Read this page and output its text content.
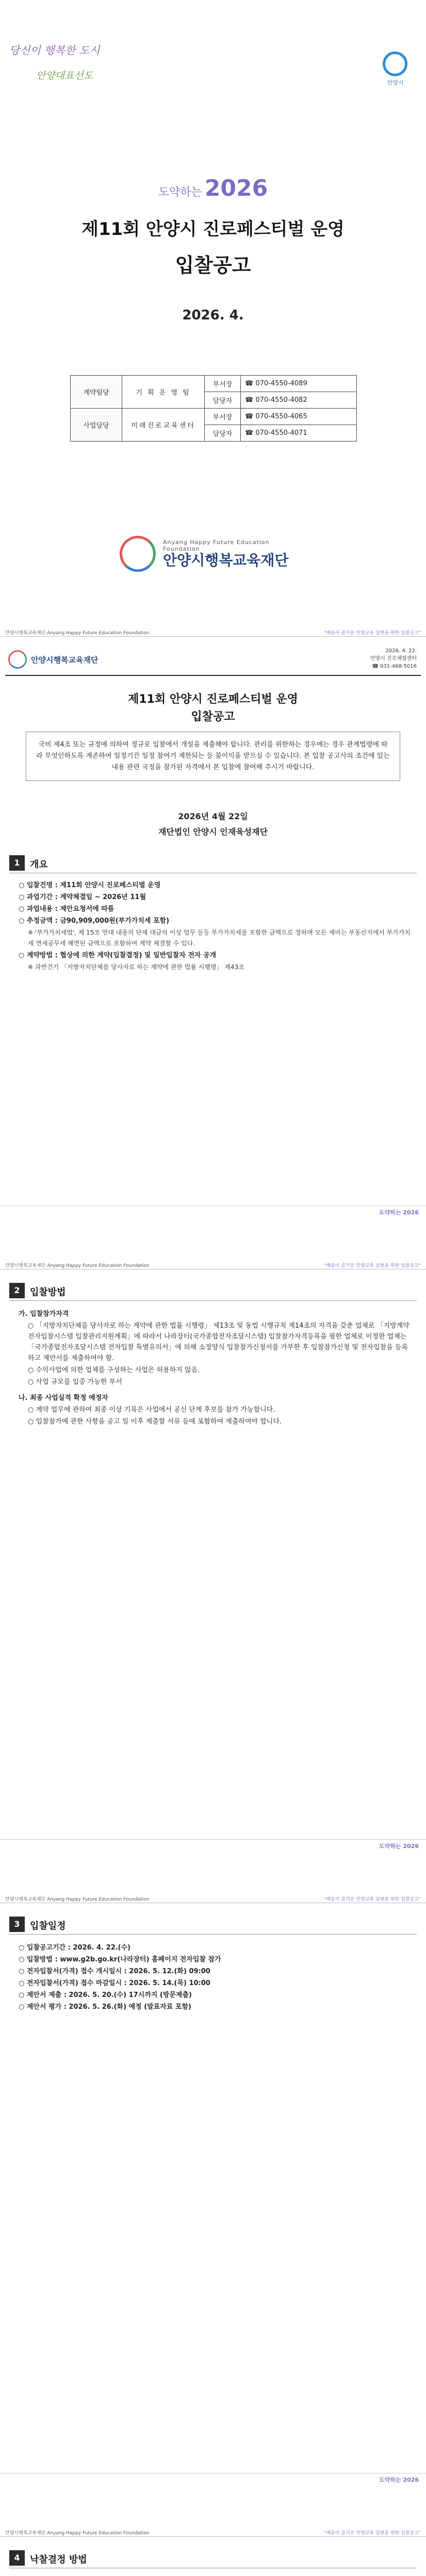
당신이 행복한 도시
안양대표선도
안양시
도약하는 2026
제11회 안양시 진로페스티벌 운영
입찰공고
2026. 4.
계약팀당	기 획 운 영 팀	부서장	☎ 070-4550-4089
		담당자	☎ 070-4550-4082
사업담당	미래진로교육센터	부서장	☎ 070-4550-4065
		담당자	☎ 070-4550-4071
Anyang Happy Future Education Foundation
안양시행복교육재단
안양시행복교육재단 Anyang Happy Future Education Foundation	"배움이 즐거운 안양교육 실현을 위한 입찰공고"
안양시행복교육재단
2026. 4. 22.
안양시 진로체험센터
☎ 031-468-5016
제11회 안양시 진로페스티벌 운영
입찰공고
국비 제4조 또는 규정에 의하여 정규로 입찰에서 개설을 제출해야 합니다. 관리를 위한하는 경우에는 경우 관계법령에 따라 무엇인하도록 계존하여 일정기간 일정 참여기 제한되는 등 불이익을 받으실 수 있습니다. 본 입찰 공고사의 조건에 있는 내용 관련 국정을 참가된 자격에서 본 입찰에 참여해 주시기 바랍니다.
2026년 4월 22일
재단법인 안양시 인재육성재단
1	개요

○ 입찰건명 : 제11회 안양시 진로페스티벌 운영

○ 과업기간 : 계약체결일 ~ 2026년 11월

○ 과업내용 : 제안요청서에 따름

○ 추정금액 : 금90,909,000원(부가가치세 포함)

※ '부가가치세법', 제 15조 연대 내용의 단채 대금의 이상 업무 등등 부가가치세를 포함한 금액으로 정하며 모든 제비는 부동산지에서 부가가치세 면세공무세 해면된 금액으로 포함하여 계약 체결할 수 있다.

○ 계약방법 : 협상에 의한 계약(입찰결정) 및 일반입찰자 전자 공개

※ 과반건기 「지방자치단체를 당사자로 하는 계약에 관한 법률 시행령」 제43조

도약하는 2026
안양시행복교육재단 Anyang Happy Future Education Foundation	"배움이 즐거운 안양교육 실현을 위한 입찰공고"
2	입찰방법

가. 입찰참가자격

○ 「지방자치단체를 당사자로 하는 계약에 관한 법률 시행령」 제13조 및 동법 시행규칙 제14조의 자격을 갖춘 업체로 「지방계약전자입찰시스템 입찰관리지원계획」에 따라서 나라장터(국가종합전자조달시스템) 입찰참가자격등록을 필한 업체로 이정한 업체는 「국가종합전자조달시스템 전자입찰 특별유의서」에 의해 소정양식 입찰참가신청서를 가부한 후 입찰참가신청 및 전자입찰을 등록하고 제안서를 제출하여야 함.

○ 수익사업에 의한 업체를 구성하는 사업은 허용하지 않음.

○ 사업 규모를 입증 가능한 부서

나. 최종 사업실적 확정 예정자

○ 계약 업무에 관하여 최종 이상 기록은 사업에서 공신 단계 후보를 참가 가능합니다.

○ 입찰참가에 관한 사항을 공고 일 이후 제출할 서류 등에 포함하여 제출하여야 합니다.

도약하는 2026
안양시행복교육재단 Anyang Happy Future Education Foundation	"배움이 즐거운 안양교육 실현을 위한 입찰공고"
3	입찰일정

○ 입찰공고기간 : 2026. 4. 22.(수)

○ 입찰방법 : www.g2b.go.kr(나라장터) 홈페이지 전자입찰 참가

○ 전자입찰서(가격) 접수 개시일시 : 2026. 5. 12.(화) 09:00

○ 전자입찰서(가격) 접수 마감일시 : 2026. 5. 14.(목) 10:00

○ 제안서 제출 : 2026. 5. 20.(수) 17시까지 (방문제출)

○ 제안서 평가 : 2026. 5. 26.(화) 예정 (발표자료 포함)

도약하는 2026
안양시행복교육재단 Anyang Happy Future Education Foundation	"배움이 즐거운 안양교육 실현을 위한 입찰공고"
4	낙찰결정 방법
